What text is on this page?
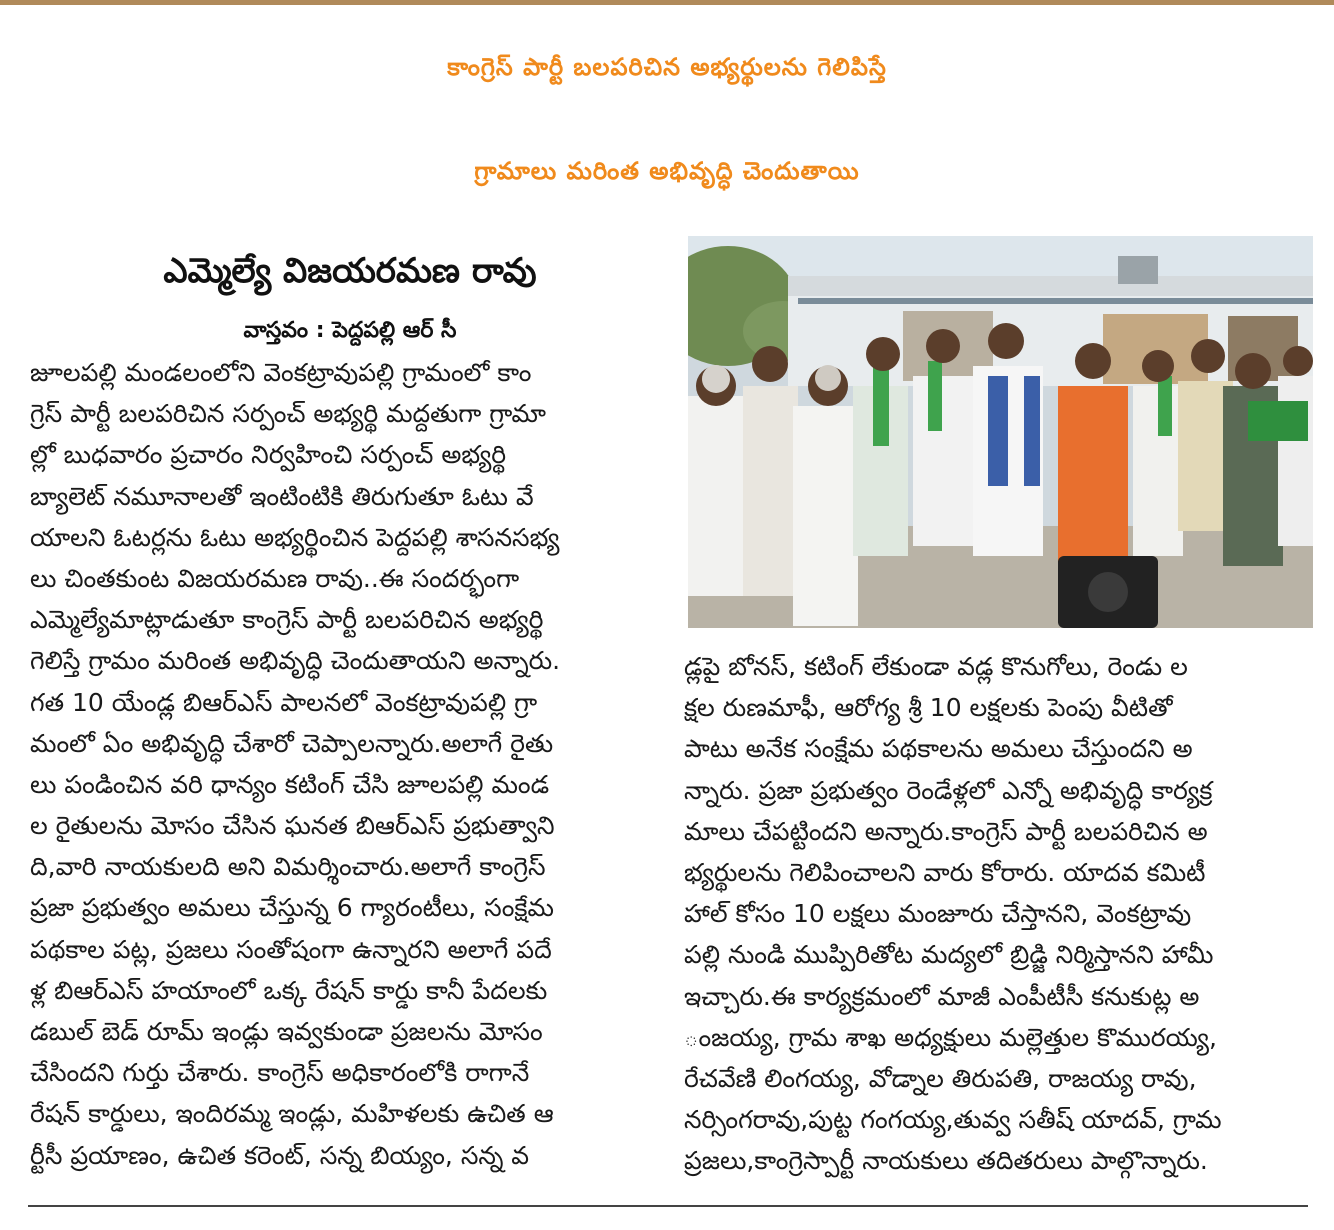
కాంగ్రెస్ పార్టీ బలపరిచిన అభ్యర్థులను గెలిపిస్తే
గ్రామాలు మరింత అభివృద్ధి చెందుతాయి
ఎమ్మెల్యే విజయరమణ రావు
వాస్తవం : పెద్దపల్లి ఆర్ సీ
జూలపల్లి మండలంలోని వెంకట్రావుపల్లి గ్రామంలో కాం
గ్రెస్ పార్టీ బలపరిచిన సర్పంచ్ అభ్యర్థి మద్దతుగా గ్రామా
ల్లో బుధవారం ప్రచారం నిర్వహించి సర్పంచ్ అభ్యర్థి
బ్యాలెట్ నమూనాలతో ఇంటింటికి తిరుగుతూ ఓటు వే
యాలని ఓటర్లను ఓటు అభ్యర్థించిన పెద్దపల్లి శాసనసభ్య
లు చింతకుంట విజయరమణ రావు..ఈ సందర్భంగా
ఎమ్మెల్యేమాట్లాడుతూ కాంగ్రెస్ పార్టీ బలపరిచిన అభ్యర్థి
గెలిస్తే గ్రామం మరింత అభివృద్ధి చెందుతాయని అన్నారు.
గత 10 యేండ్ల బిఆర్ఎస్ పాలనలో వెంకట్రావుపల్లి గ్రా
మంలో ఏం అభివృద్ధి చేశారో చెప్పాలన్నారు.అలాగే రైతు
లు పండించిన వరి ధాన్యం కటింగ్ చేసి జూలపల్లి మండ
ల రైతులను మోసం చేసిన ఘనత బిఆర్ఎస్ ప్రభుత్వాని
ది,వారి నాయకులది అని విమర్శించారు.అలాగే కాంగ్రెస్
ప్రజా ప్రభుత్వం అమలు చేస్తున్న 6 గ్యారంటీలు, సంక్షేమ
పథకాల పట్ల, ప్రజలు సంతోషంగా ఉన్నారని అలాగే పదే
ళ్ల బిఆర్ఎస్ హయాంలో ఒక్క రేషన్ కార్డు కానీ పేదలకు
డబుల్ బెడ్ రూమ్ ఇండ్లు ఇవ్వకుండా ప్రజలను మోసం
చేసిందని గుర్తు చేశారు. కాంగ్రెస్ అధికారంలోకి రాగానే
రేషన్ కార్డులు, ఇందిరమ్మ ఇండ్లు, మహిళలకు ఉచిత ఆ
ర్టీసీ ప్రయాణం, ఉచిత కరెంట్, సన్న బియ్యం, సన్న వ
డ్లపై బోనస్, కటింగ్ లేకుండా వడ్ల కొనుగోలు, రెండు ల
క్షల రుణమాఫీ, ఆరోగ్య శ్రీ 10 లక్షలకు పెంపు వీటితో
పాటు అనేక సంక్షేమ పథకాలను అమలు చేస్తుందని అ
న్నారు. ప్రజా ప్రభుత్వం రెండేళ్లలో ఎన్నో అభివృద్ధి కార్యక్ర
మాలు చేపట్టిందని అన్నారు.కాంగ్రెస్ పార్టీ బలపరిచిన అ
భ్యర్థులను గెలిపించాలని వారు కోరారు. యాదవ కమిటీ
హాల్ కోసం 10 లక్షలు మంజూరు చేస్తానని, వెంకట్రావు
పల్లి నుండి ముప్పిరితోట మద్యలో బ్రిడ్జి నిర్మిస్తానని హామీ
ఇచ్చారు.ఈ కార్యక్రమంలో మాజీ ఎంపీటీసీ కనుకుట్ల అ
ంజయ్య, గ్రామ శాఖ అధ్యక్షులు మల్లెత్తుల కొమురయ్య,
రేచవేణి లింగయ్య, వోడ్నాల తిరుపతి, రాజయ్య రావు,
నర్సింగరావు,పుట్ట గంగయ్య,తువ్వ సతీష్ యాదవ్, గ్రామ
ప్రజలు,కాంగ్రెస్పార్టీ నాయకులు తదితరులు పాల్గొన్నారు.
